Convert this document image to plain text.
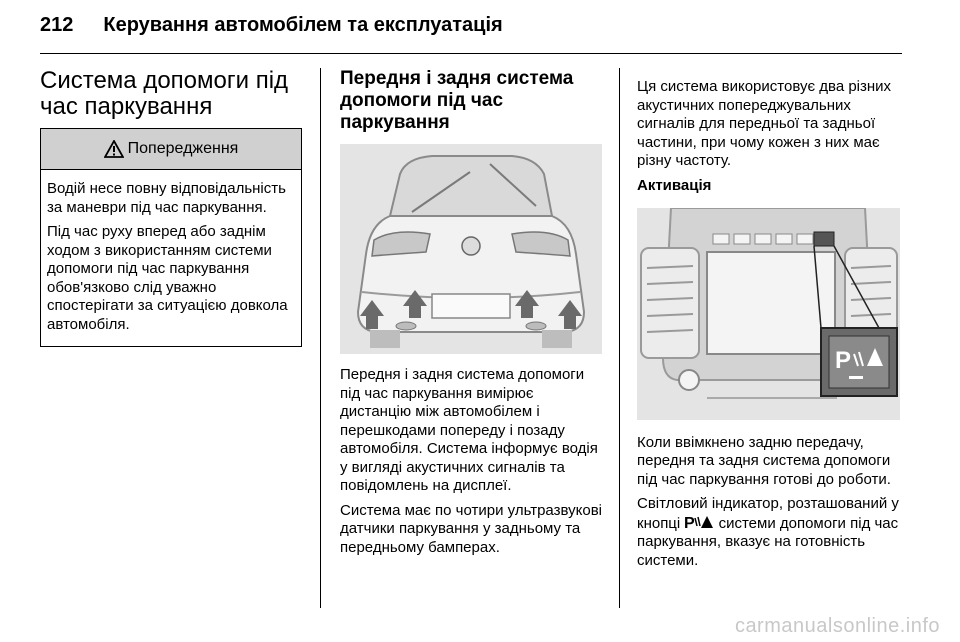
212 Керування автомобілем та експлуатація
Система допомоги під час паркування
Попередження

Водій несе повну відповідальність за маневри під час паркування.

Під час руху вперед або заднім ходом з використанням системи допомоги під час паркування обов'язково слід уважно спостерігати за ситуацією довкола автомобіля.

Передня і задня система допомоги під час паркування

Передня і задня система допомоги під час паркування вимірює дистанцію між автомобілем і перешкодами попереду і позаду автомобіля. Система інформує водія у вигляді акустичних сигналів та повідомлень на дисплеї.

Система має по чотири ультразвукові датчики паркування у задньому та передньому бамперах.

Ця система використовує два різних акустичних попереджувальних сигналів для передньої та задньої частини, при чому кожен з них має різну частоту.

Активація
P

Коли ввімкнено задню передачу, передня та задня система допомоги під час паркування готові до роботи.

Світловий індикатор, розташований у кнопці P системи допомоги під час паркування, вказує на готовність системи.

carmanualsonline.info
